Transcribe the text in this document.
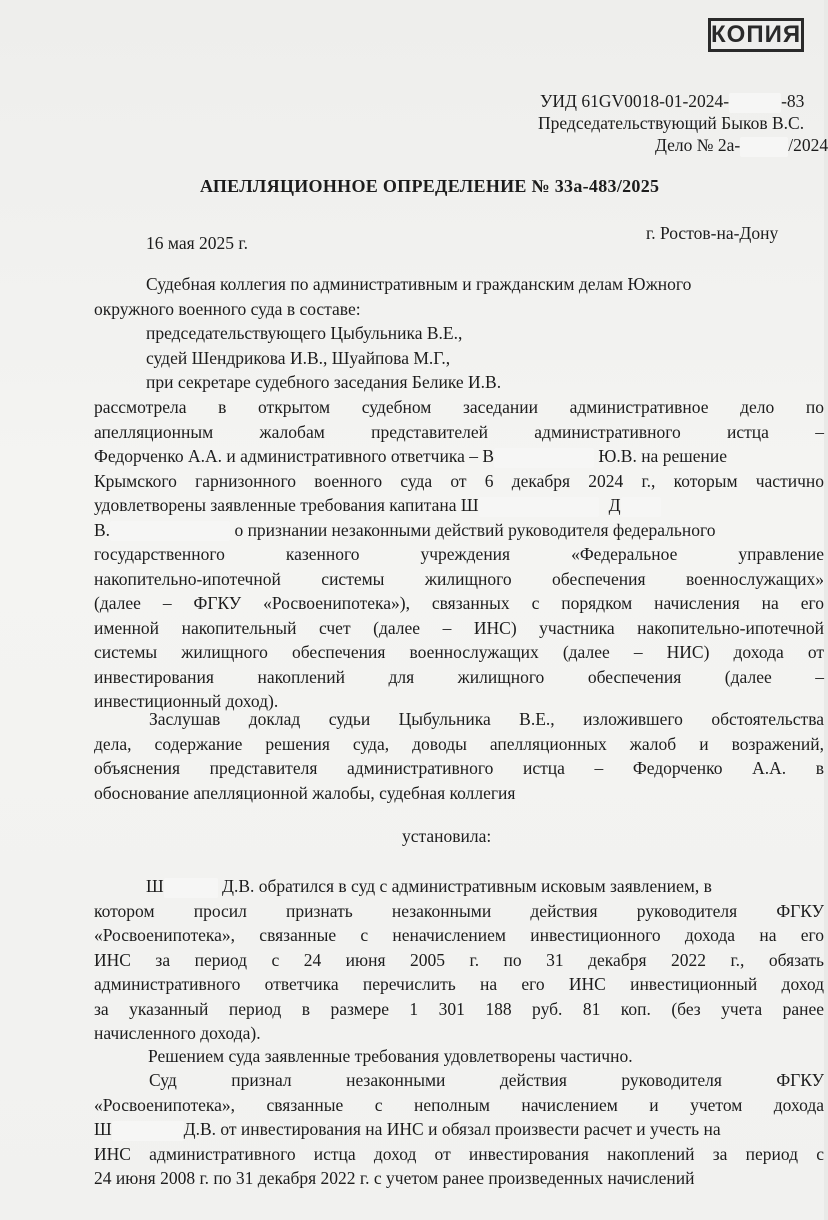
КОПИЯ
УИД 61GV0018-01-2024-	-83
Председательствующий Быков В.С.
Дело № 2а-	/2024
АПЕЛЛЯЦИОННОЕ ОПРЕДЕЛЕНИЕ № 33а-483/2025
16 мая 2025 г.	г. Ростов-на-Дону
Судебная коллегия по административным и гражданским делам Южного
окружного военного суда в составе:
председательствующего Цыбульника В.Е.,
судей Шендрикова И.В., Шуайпова М.Г.,
при секретаре судебного заседания Белике И.В.
рассмотрела в открытом судебном заседании административное дело по
апелляционным жалобам представителей административного истца –
Федорченко А.А. и административного ответчика – В	Ю.В. на решение
Крымского гарнизонного военного суда от 6 декабря 2024 г., которым частично
удовлетворены заявленные требования капитана Ш	Д
В.	о признании незаконными действий руководителя федерального
государственного казенного учреждения «Федеральное управление
накопительно-ипотечной системы жилищного обеспечения военнослужащих»
(далее – ФГКУ «Росвоенипотека»), связанных с порядком начисления на его
именной накопительный счет (далее – ИНС) участника накопительно-ипотечной
системы жилищного обеспечения военнослужащих (далее – НИС) дохода от
инвестирования накоплений для жилищного обеспечения (далее –
инвестиционный доход).
Заслушав доклад судьи Цыбульника В.Е., изложившего обстоятельства
дела, содержание решения суда, доводы апелляционных жалоб и возражений,
объяснения представителя административного истца – Федорченко А.А. в
обоснование апелляционной жалобы, судебная коллегия
установила:
Ш	Д.В. обратился в суд с административным исковым заявлением, в
котором просил признать незаконными действия руководителя ФГКУ
«Росвоенипотека», связанные с неначислением инвестиционного дохода на его
ИНС за период с 24 июня 2005 г. по 31 декабря 2022 г., обязать
административного ответчика перечислить на его ИНС инвестиционный доход
за указанный период в размере 1 301 188 руб. 81 коп. (без учета ранее
начисленного дохода).
Решением суда заявленные требования удовлетворены частично.
Суд признал незаконными действия руководителя ФГКУ
«Росвоенипотека», связанные с неполным начислением и учетом дохода
Ш	Д.В. от инвестирования на ИНС и обязал произвести расчет и учесть на
ИНС административного истца доход от инвестирования накоплений за период с
24 июня 2008 г. по 31 декабря 2022 г. с учетом ранее произведенных начислений
